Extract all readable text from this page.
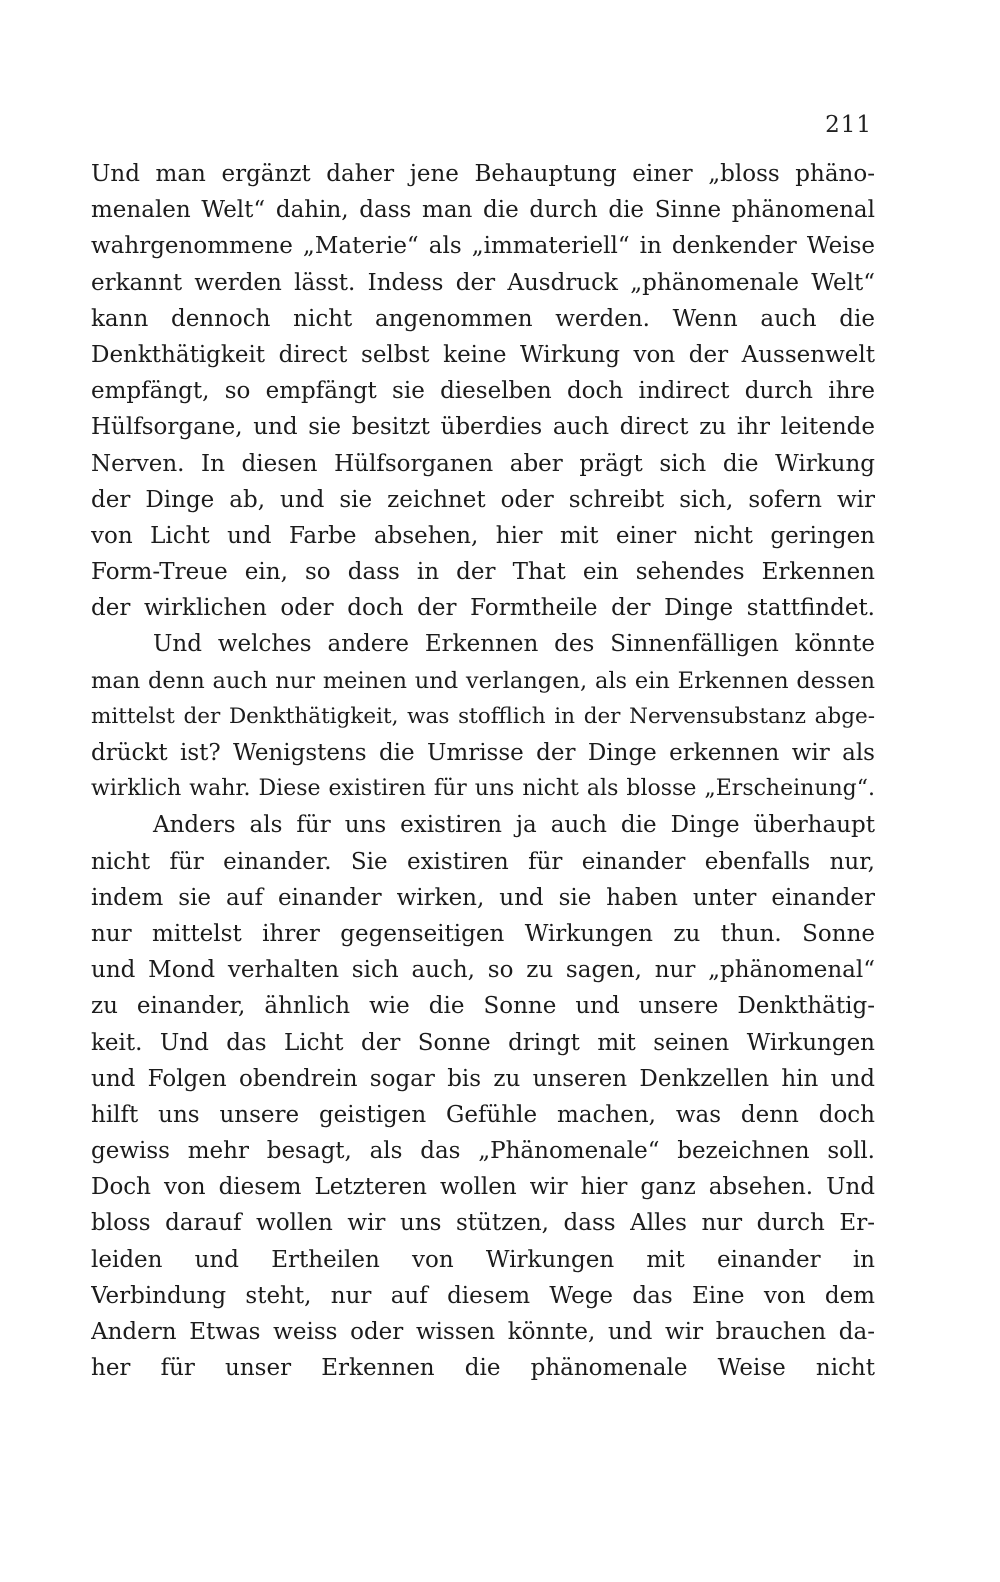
211
Und man ergänzt daher jene Behauptung einer „bloss phäno-
menalen Welt“ dahin, dass man die durch die Sinne phänomenal
wahrgenommene „Materie“ als „immateriell“ in denkender Weise
erkannt werden lässt. Indess der Ausdruck „phänomenale Welt“
kann dennoch nicht angenommen werden. Wenn auch die
Denkthätigkeit direct selbst keine Wirkung von der Aussenwelt
empfängt, so empfängt sie dieselben doch indirect durch ihre
Hülfsorgane, und sie besitzt überdies auch direct zu ihr leitende
Nerven. In diesen Hülfsorganen aber prägt sich die Wirkung
der Dinge ab, und sie zeichnet oder schreibt sich, sofern wir
von Licht und Farbe absehen, hier mit einer nicht geringen
Form-Treue ein, so dass in der That ein sehendes Erkennen
der wirklichen oder doch der Formtheile der Dinge stattfindet.
Und welches andere Erkennen des Sinnenfälligen könnte
man denn auch nur meinen und verlangen, als ein Erkennen dessen
mittelst der Denkthätigkeit, was stofflich in der Nervensubstanz abge-
drückt ist? Wenigstens die Umrisse der Dinge erkennen wir als
wirklich wahr. Diese existiren für uns nicht als blosse „Erscheinung“.
Anders als für uns existiren ja auch die Dinge überhaupt
nicht für einander. Sie existiren für einander ebenfalls nur,
indem sie auf einander wirken, und sie haben unter einander
nur mittelst ihrer gegenseitigen Wirkungen zu thun. Sonne
und Mond verhalten sich auch, so zu sagen, nur „phänomenal“
zu einander, ähnlich wie die Sonne und unsere Denkthätig-
keit. Und das Licht der Sonne dringt mit seinen Wirkungen
und Folgen obendrein sogar bis zu unseren Denkzellen hin und
hilft uns unsere geistigen Gefühle machen, was denn doch
gewiss mehr besagt, als das „Phänomenale“ bezeichnen soll.
Doch von diesem Letzteren wollen wir hier ganz absehen. Und
bloss darauf wollen wir uns stützen, dass Alles nur durch Er-
leiden und Ertheilen von Wirkungen mit einander in
Verbindung steht, nur auf diesem Wege das Eine von dem
Andern Etwas weiss oder wissen könnte, und wir brauchen da-
her für unser Erkennen die phänomenale Weise nicht
